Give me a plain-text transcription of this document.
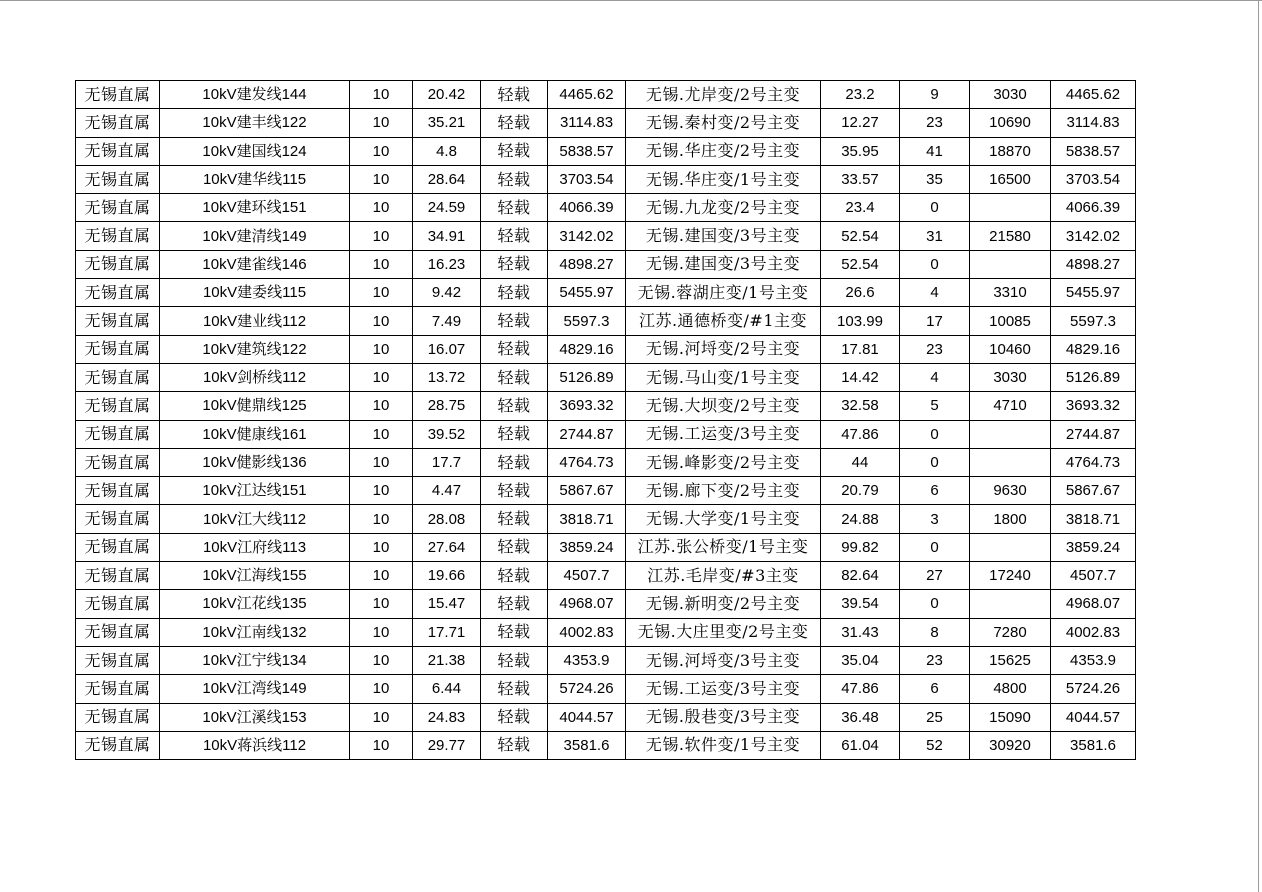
无锡直属	10kV建发线144	10	20.42	轻载	4465.62	无锡.尤岸变/2号主变	23.2	9	3030	4465.62
无锡直属	10kV建丰线122	10	35.21	轻载	3114.83	无锡.秦村变/2号主变	12.27	23	10690	3114.83
无锡直属	10kV建国线124	10	4.8	轻载	5838.57	无锡.华庄变/2号主变	35.95	41	18870	5838.57
无锡直属	10kV建华线115	10	28.64	轻载	3703.54	无锡.华庄变/1号主变	33.57	35	16500	3703.54
无锡直属	10kV建环线151	10	24.59	轻载	4066.39	无锡.九龙变/2号主变	23.4	0		4066.39
无锡直属	10kV建清线149	10	34.91	轻载	3142.02	无锡.建国变/3号主变	52.54	31	21580	3142.02
无锡直属	10kV建雀线146	10	16.23	轻载	4898.27	无锡.建国变/3号主变	52.54	0		4898.27
无锡直属	10kV建委线115	10	9.42	轻载	5455.97	无锡.蓉湖庄变/1号主变	26.6	4	3310	5455.97
无锡直属	10kV建业线112	10	7.49	轻载	5597.3	江苏.通德桥变/#1主变	103.99	17	10085	5597.3
无锡直属	10kV建筑线122	10	16.07	轻载	4829.16	无锡.河埒变/2号主变	17.81	23	10460	4829.16
无锡直属	10kV剑桥线112	10	13.72	轻载	5126.89	无锡.马山变/1号主变	14.42	4	3030	5126.89
无锡直属	10kV健鼎线125	10	28.75	轻载	3693.32	无锡.大坝变/2号主变	32.58	5	4710	3693.32
无锡直属	10kV健康线161	10	39.52	轻载	2744.87	无锡.工运变/3号主变	47.86	0		2744.87
无锡直属	10kV健影线136	10	17.7	轻载	4764.73	无锡.峰影变/2号主变	44	0		4764.73
无锡直属	10kV江达线151	10	4.47	轻载	5867.67	无锡.廊下变/2号主变	20.79	6	9630	5867.67
无锡直属	10kV江大线112	10	28.08	轻载	3818.71	无锡.大学变/1号主变	24.88	3	1800	3818.71
无锡直属	10kV江府线113	10	27.64	轻载	3859.24	江苏.张公桥变/1号主变	99.82	0		3859.24
无锡直属	10kV江海线155	10	19.66	轻载	4507.7	江苏.毛岸变/#3主变	82.64	27	17240	4507.7
无锡直属	10kV江花线135	10	15.47	轻载	4968.07	无锡.新明变/2号主变	39.54	0		4968.07
无锡直属	10kV江南线132	10	17.71	轻载	4002.83	无锡.大庄里变/2号主变	31.43	8	7280	4002.83
无锡直属	10kV江宁线134	10	21.38	轻载	4353.9	无锡.河埒变/3号主变	35.04	23	15625	4353.9
无锡直属	10kV江湾线149	10	6.44	轻载	5724.26	无锡.工运变/3号主变	47.86	6	4800	5724.26
无锡直属	10kV江溪线153	10	24.83	轻载	4044.57	无锡.殷巷变/3号主变	36.48	25	15090	4044.57
无锡直属	10kV蒋浜线112	10	29.77	轻载	3581.6	无锡.软件变/1号主变	61.04	52	30920	3581.6
